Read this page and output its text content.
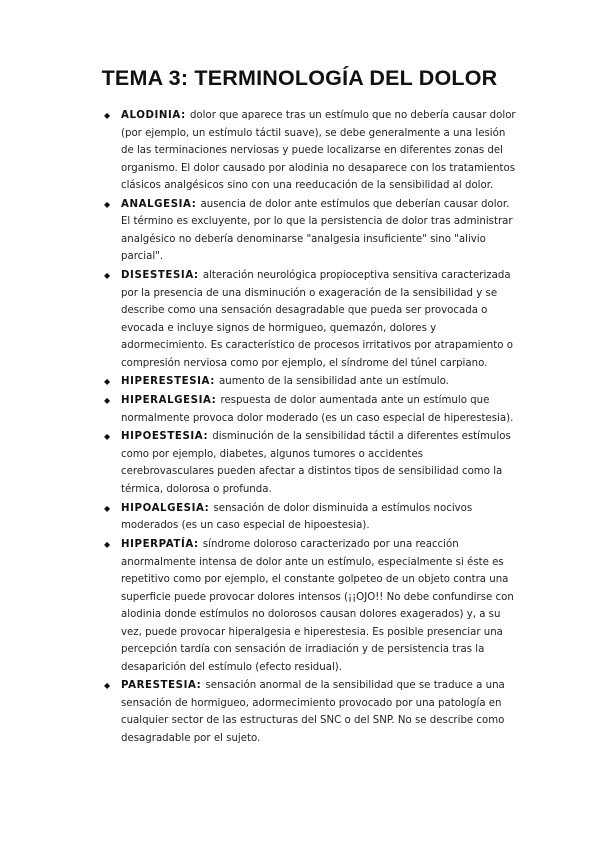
TEMA 3: TERMINOLOGÍA DEL DOLOR
◆ ALODINIA: dolor que aparece tras un estímulo que no debería causar dolor (por ejemplo, un estímulo táctil suave), se debe generalmente a una lesión de las terminaciones nerviosas y puede localizarse en diferentes zonas del organismo. El dolor causado por alodinia no desaparece con los tratamientos clásicos analgésicos sino con una reeducación de la sensibilidad al dolor.
◆ ANALGESIA: ausencia de dolor ante estímulos que deberían causar dolor. El término es excluyente, por lo que la persistencia de dolor tras administrar analgésico no debería denominarse "analgesia insuficiente" sino "alivio parcial".
◆ DISESTESIA: alteración neurológica propioceptiva sensitiva caracterizada por la presencia de una disminución o exageración de la sensibilidad y se describe como una sensación desagradable que pueda ser provocada o evocada e incluye signos de hormigueo, quemazón, dolores y adormecimiento. Es característico de procesos irritativos por atrapamiento o compresión nerviosa como por ejemplo, el síndrome del túnel carpiano.
◆ HIPERESTESIA: aumento de la sensibilidad ante un estímulo.
◆ HIPERALGESIA: respuesta de dolor aumentada ante un estímulo que normalmente provoca dolor moderado (es un caso especial de hiperestesia).
◆ HIPOESTESIA: disminución de la sensibilidad táctil a diferentes estímulos como por ejemplo, diabetes, algunos tumores o accidentes cerebrovasculares pueden afectar a distintos tipos de sensibilidad como la térmica, dolorosa o profunda.
◆ HIPOALGESIA: sensación de dolor disminuida a estímulos nocivos moderados (es un caso especial de hipoestesia).
◆ HIPERPATÍA: síndrome doloroso caracterizado por una reacción anormalmente intensa de dolor ante un estímulo, especialmente si éste es repetitivo como por ejemplo, el constante golpeteo de un objeto contra una superficie puede provocar dolores intensos (¡¡OJO!! No debe confundirse con alodinia donde estímulos no dolorosos causan dolores exagerados) y, a su vez, puede provocar hiperalgesia e hiperestesia. Es posible presenciar una percepción tardía con sensación de irradiación y de persistencia tras la desaparición del estímulo (efecto residual).
◆ PARESTESIA: sensación anormal de la sensibilidad que se traduce a una sensación de hormigueo, adormecimiento provocado por una patología en cualquier sector de las estructuras del SNC o del SNP. No se describe como desagradable por el sujeto.
